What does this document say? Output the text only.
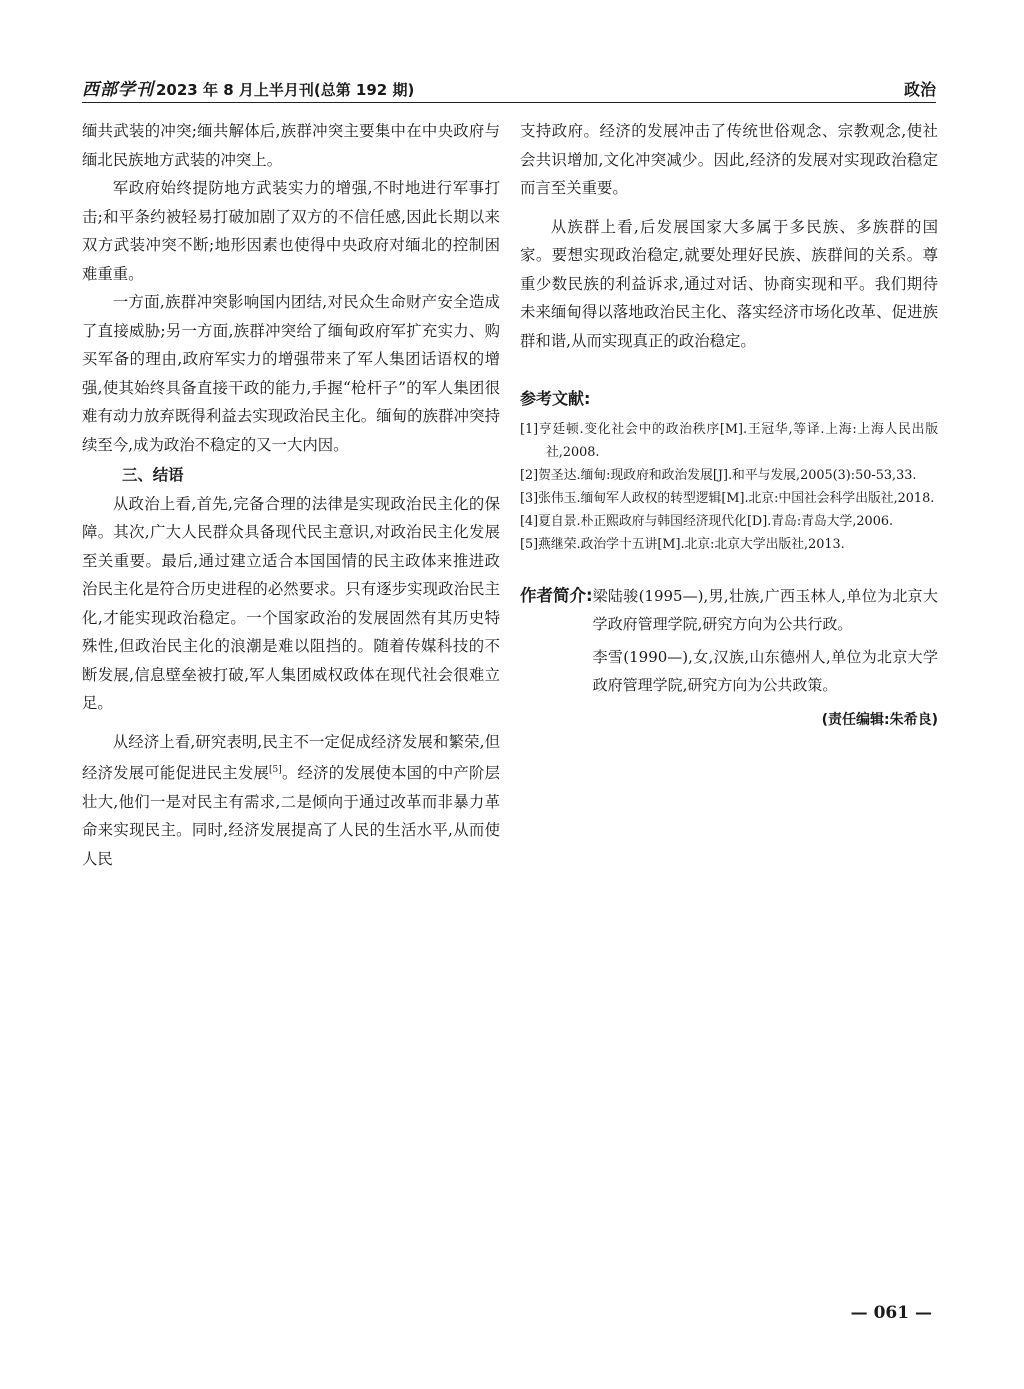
西部学刊 2023 年 8 月上半月刊(总第 192 期)	政治

缅共武装的冲突;缅共解体后,族群冲突主要集中在中央政府与缅北民族地方武装的冲突上。

军政府始终提防地方武装实力的增强,不时地进行军事打击;和平条约被轻易打破加剧了双方的不信任感,因此长期以来双方武装冲突不断;地形因素也使得中央政府对缅北的控制困难重重。

一方面,族群冲突影响国内团结,对民众生命财产安全造成了直接威胁;另一方面,族群冲突给了缅甸政府军扩充实力、购买军备的理由,政府军实力的增强带来了军人集团话语权的增强,使其始终具备直接干政的能力,手握“枪杆子”的军人集团很难有动力放弃既得利益去实现政治民主化。缅甸的族群冲突持续至今,成为政治不稳定的又一大内因。

三、结语

从政治上看,首先,完备合理的法律是实现政治民主化的保障。其次,广大人民群众具备现代民主意识,对政治民主化发展至关重要。最后,通过建立适合本国国情的民主政体来推进政治民主化是符合历史进程的必然要求。只有逐步实现政治民主化,才能实现政治稳定。一个国家政治的发展固然有其历史特殊性,但政治民主化的浪潮是难以阻挡的。随着传媒科技的不断发展,信息壁垒被打破,军人集团威权政体在现代社会很难立足。

从经济上看,研究表明,民主不一定促成经济发展和繁荣,但经济发展可能促进民主发展[5]。经济的发展使本国的中产阶层壮大,他们一是对民主有需求,二是倾向于通过改革而非暴力革命来实现民主。同时,经济发展提高了人民的生活水平,从而使人民

支持政府。经济的发展冲击了传统世俗观念、宗教观念,使社会共识增加,文化冲突减少。因此,经济的发展对实现政治稳定而言至关重要。

从族群上看,后发展国家大多属于多民族、多族群的国家。要想实现政治稳定,就要处理好民族、族群间的关系。尊重少数民族的利益诉求,通过对话、协商实现和平。我们期待未来缅甸得以落地政治民主化、落实经济市场化改革、促进族群和谐,从而实现真正的政治稳定。

参考文献:
[1]亨廷顿.变化社会中的政治秩序[M].王冠华,等译.上海:上海人民出版社,2008.
[2]贺圣达.缅甸:现政府和政治发展[J].和平与发展,2005(3):50-53,33.
[3]张伟玉.缅甸军人政权的转型逻辑[M].北京:中国社会科学出版社,2018.
[4]夏自景.朴正熙政府与韩国经济现代化[D].青岛:青岛大学,2006.
[5]燕继荣.政治学十五讲[M].北京:北京大学出版社,2013.
作者简介: 梁陆骏(1995—),男,壮族,广西玉林人,单位为北京大学政府管理学院,研究方向为公共行政。
李雪(1990—),女,汉族,山东德州人,单位为北京大学政府管理学院,研究方向为公共政策。
(责任编辑:朱希良)
— 061 —
